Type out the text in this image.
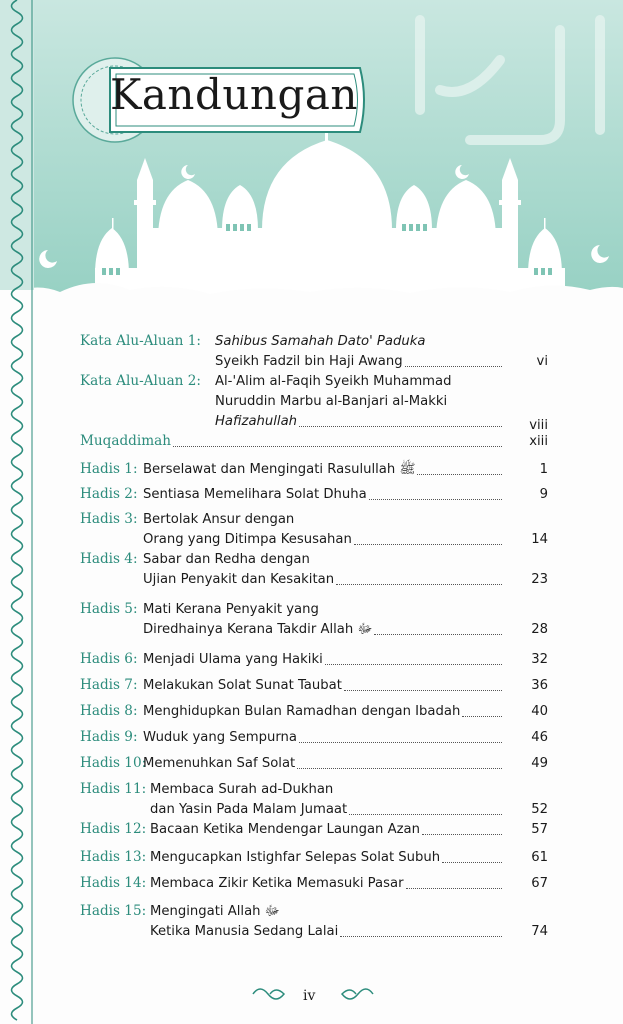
Kandungan
Kata Alu-Aluan 1: Sahibus Samahah Dato' Paduka
Syeikh Fadzil bin Haji Awang	vi
Kata Alu-Aluan 2: Al-'Alim al-Faqih Syeikh Muhammad
Nuruddin Marbu al-Banjari al-Makki
Hafizahullah	viii
Muqaddimah	xiii
Hadis 1: Berselawat dan Mengingati Rasulullah ﷺ	1
Hadis 2: Sentiasa Memelihara Solat Dhuha	9
Hadis 3: Bertolak Ansur dengan
Orang yang Ditimpa Kesusahan	14
Hadis 4: Sabar dan Redha dengan
Ujian Penyakit dan Kesakitan	23
Hadis 5: Mati Kerana Penyakit yang
Diredhainya Kerana Takdir Allah ﷻ	28
Hadis 6: Menjadi Ulama yang Hakiki	32
Hadis 7: Melakukan Solat Sunat Taubat	36
Hadis 8: Menghidupkan Bulan Ramadhan dengan Ibadah	40
Hadis 9: Wuduk yang Sempurna	46
Hadis 10:
Memenuhkan Saf Solat	49
Hadis 11: Membaca Surah ad-Dukhan
dan Yasin Pada Malam Jumaat	52
Hadis 12: Bacaan Ketika Mendengar Laungan Azan	57
Hadis 13: Mengucapkan Istighfar Selepas Solat Subuh	61
Hadis 14: Membaca Zikir Ketika Memasuki Pasar	67
Hadis 15: Mengingati Allah ﷻ
Ketika Manusia Sedang Lalai	74
iv
